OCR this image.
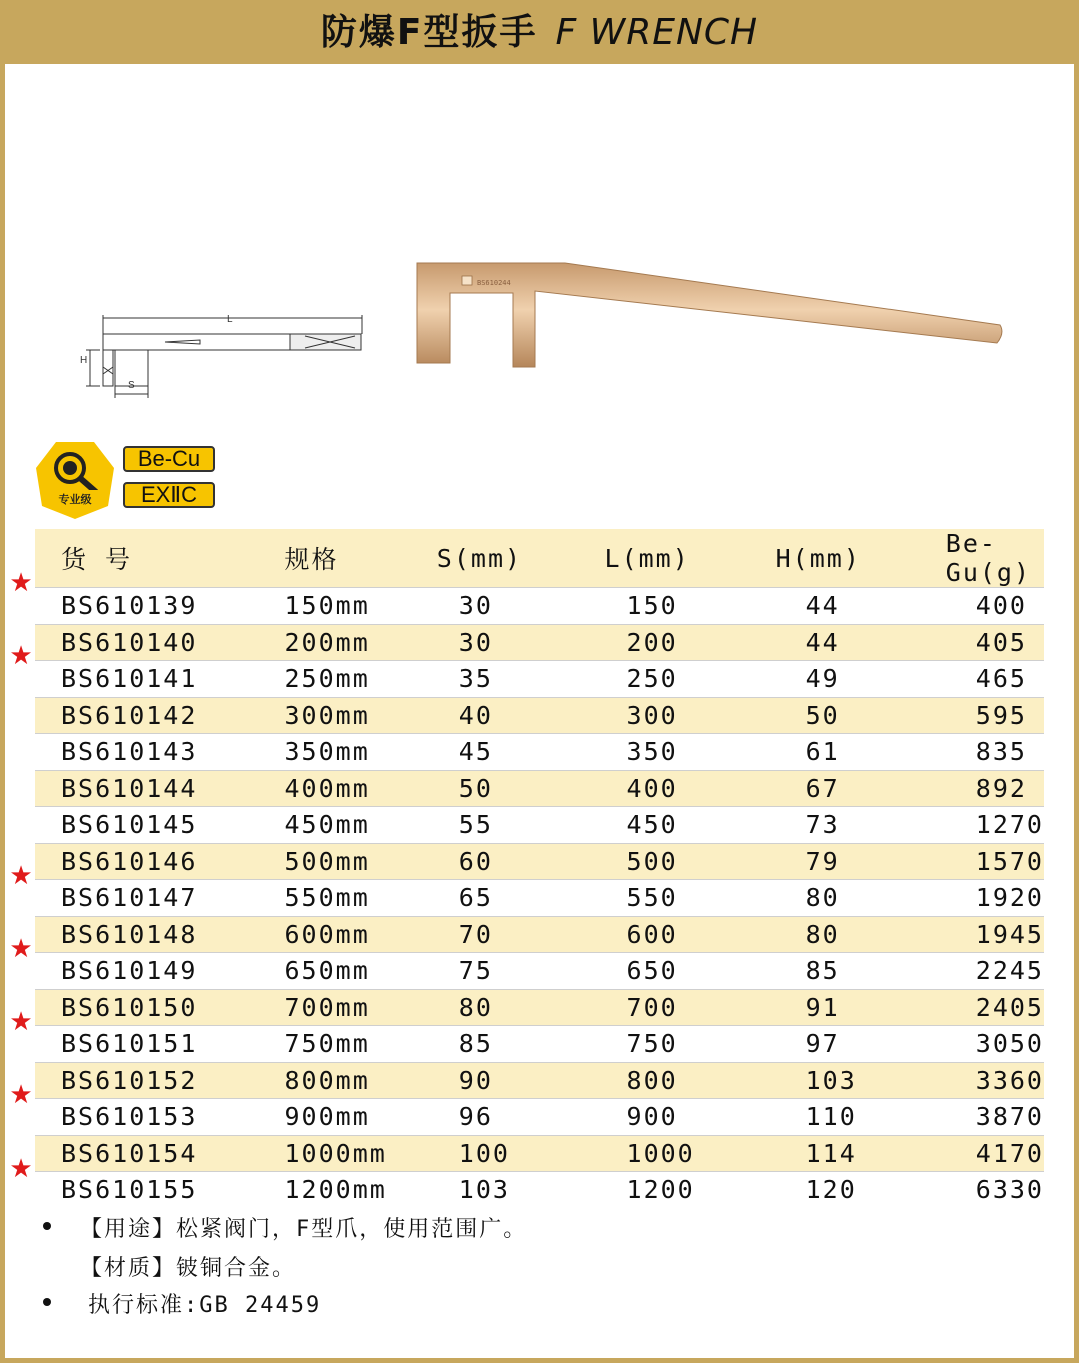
防爆F型扳手 F WRENCH
L
H
S
BS610244
专业级
Be-Cu
EXⅡC
货 号	规格	S(mm)	L(mm)	H(mm)	Be-Gu(g)
BS610139	150mm	30	150	44	400
BS610140	200mm	30	200	44	405
BS610141	250mm	35	250	49	465
BS610142	300mm	40	300	50	595
BS610143	350mm	45	350	61	835
BS610144	400mm	50	400	67	892
BS610145	450mm	55	450	73	1270
BS610146	500mm	60	500	79	1570
BS610147	550mm	65	550	80	1920
BS610148	600mm	70	600	80	1945
BS610149	650mm	75	650	85	2245
BS610150	700mm	80	700	91	2405
BS610151	750mm	85	750	97	3050
BS610152	800mm	90	800	103	3360
BS610153	900mm	96	900	110	3870
BS610154	1000mm	100	1000	114	4170
BS610155	1200mm	103	1200	120	6330
★
★
★
★
★
★
★
【用途】松紧阀门，F型爪，使用范围广。
【材质】铍铜合金。
执行标准:GB 24459
